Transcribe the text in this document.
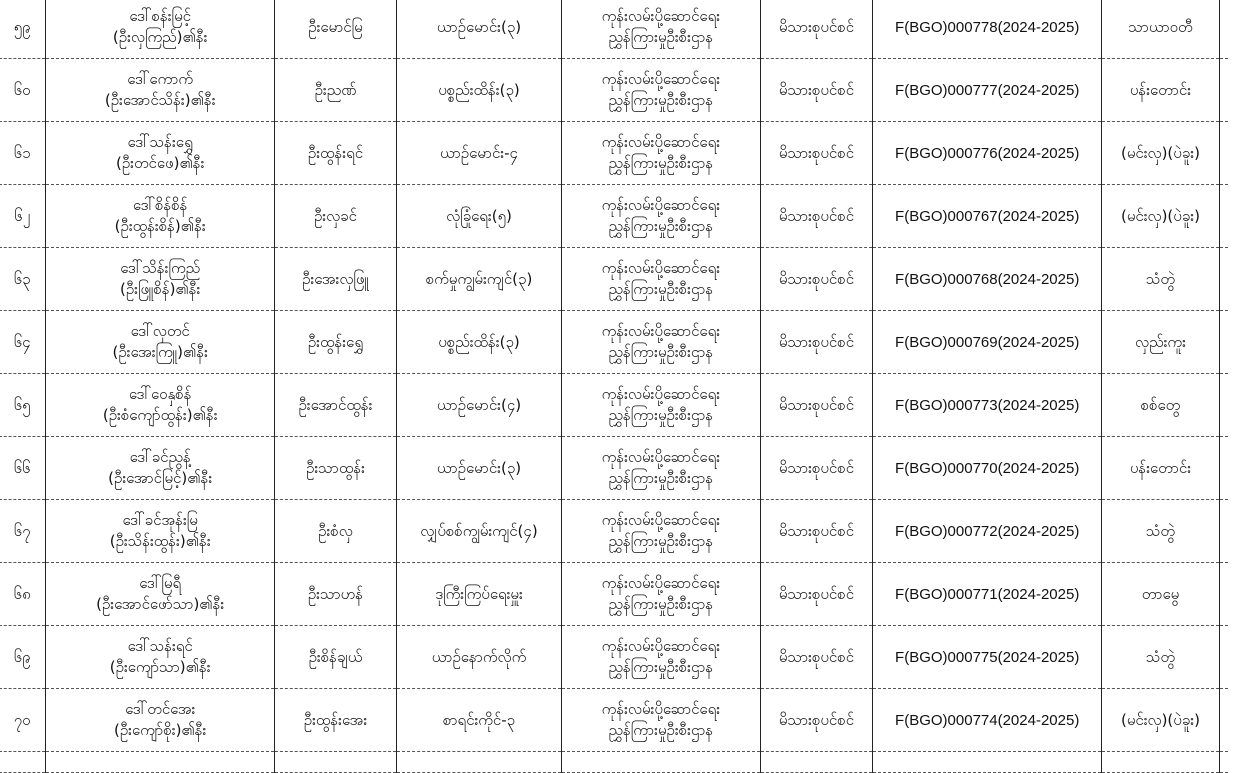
၅၉	ဒေါ်စန်းမြင့်
(ဦးလှကြည်)၏နီး	ဦးမောင်မြ	ယာဉ်မောင်း(၃)	ကုန်းလမ်းပို့ဆောင်ရေး
ညွှန်ကြားမှုဦးစီးဌာန	မိသားစုပင်စင်	F(BGO)000778(2024-2025)	သာယာဝတီ	
၆၀	ဒေါ်ကောက်
(ဦးအောင်သိန်း)၏နီး	ဦးညဏ်	ပစ္စည်းထိန်း(၃)	ကုန်းလမ်းပို့ဆောင်ရေး
ညွှန်ကြားမှုဦးစီးဌာန	မိသားစုပင်စင်	F(BGO)000777(2024-2025)	ပန်းတောင်း	
၆၁	ဒေါ်သန်းရွှေ
(ဦးတင်ဖေ)၏နီး	ဦးထွန်းရင်	ယာဉ်မောင်း-၄	ကုန်းလမ်းပို့ဆောင်ရေး
ညွှန်ကြားမှုဦးစီးဌာန	မိသားစုပင်စင်	F(BGO)000776(2024-2025)	(မင်းလှ)(ပဲခူး)	
၆၂	ဒေါ်စိန်စိန်
(ဦးထွန်းစိန်)၏နီး	ဦးလှခင်	လုံခြုံရေး(၅)	ကုန်းလမ်းပို့ဆောင်ရေး
ညွှန်ကြားမှုဦးစီးဌာန	မိသားစုပင်စင်	F(BGO)000767(2024-2025)	(မင်းလှ)(ပဲခူး)	
၆၃	ဒေါ်သိန်းကြည်
(ဦးဖြူစိန်)၏နီး	ဦးအေးလှဖြူ	စက်မှုကျွမ်းကျင်(၃)	ကုန်းလမ်းပို့ဆောင်ရေး
ညွှန်ကြားမှုဦးစီးဌာန	မိသားစုပင်စင်	F(BGO)000768(2024-2025)	သံတွဲ	
၆၄	ဒေါ်လှတင်
(ဦးအေးကြူ)၏နီး	ဦးထွန်းရွှေ	ပစ္စည်းထိန်း(၃)	ကုန်းလမ်းပို့ဆောင်ရေး
ညွှန်ကြားမှုဦးစီးဌာန	မိသားစုပင်စင်	F(BGO)000769(2024-2025)	လှည်းကူး	
၆၅	ဒေါ်ဝေနှစိန်
(ဦးစံကျော်ထွန်း)၏နီး	ဦးအောင်ထွန်း	ယာဉ်မောင်း(၄)	ကုန်းလမ်းပို့ဆောင်ရေး
ညွှန်ကြားမှုဦးစီးဌာန	မိသားစုပင်စင်	F(BGO)000773(2024-2025)	စစ်တွေ	
၆၆	ဒေါ်ခင်ညွန့်
(ဦးအောင်မြင့်)၏နီး	ဦးသာထွန်း	ယာဉ်မောင်း(၃)	ကုန်းလမ်းပို့ဆောင်ရေး
ညွှန်ကြားမှုဦးစီးဌာန	မိသားစုပင်စင်	F(BGO)000770(2024-2025)	ပန်းတောင်း	
၆၇	ဒေါ်ခင်အုန်းမြ
(ဦးသိန်းထွန်း)၏နီး	ဦးစံလှ	လျှပ်စစ်ကျွမ်းကျင်(၄)	ကုန်းလမ်းပို့ဆောင်ရေး
ညွှန်ကြားမှုဦးစီးဌာန	မိသားစုပင်စင်	F(BGO)000772(2024-2025)	သံတွဲ	
၆၈	ဒေါ်မြရီ
(ဦးအောင်ဖော်သာ)၏နီး	ဦးသာဟန်	ဒုကြီးကြပ်ရေးမှူး	ကုန်းလမ်းပို့ဆောင်ရေး
ညွှန်ကြားမှုဦးစီးဌာန	မိသားစုပင်စင်	F(BGO)000771(2024-2025)	တာမွေ	
၆၉	ဒေါ်သန်းရင်
(ဦးကျော်သာ)၏နီး	ဦးစိန်ချယ်	ယာဉ်နောက်လိုက်	ကုန်းလမ်းပို့ဆောင်ရေး
ညွှန်ကြားမှုဦးစီးဌာန	မိသားစုပင်စင်	F(BGO)000775(2024-2025)	သံတွဲ	
၇၀	ဒေါ်တင်အေး
(ဦးကျော်စိုး)၏နီး	ဦးထွန်းအေး	စာရင်းကိုင်-၃	ကုန်းလမ်းပို့ဆောင်ရေး
ညွှန်ကြားမှုဦးစီးဌာန	မိသားစုပင်စင်	F(BGO)000774(2024-2025)	(မင်းလှ)(ပဲခူး)	
